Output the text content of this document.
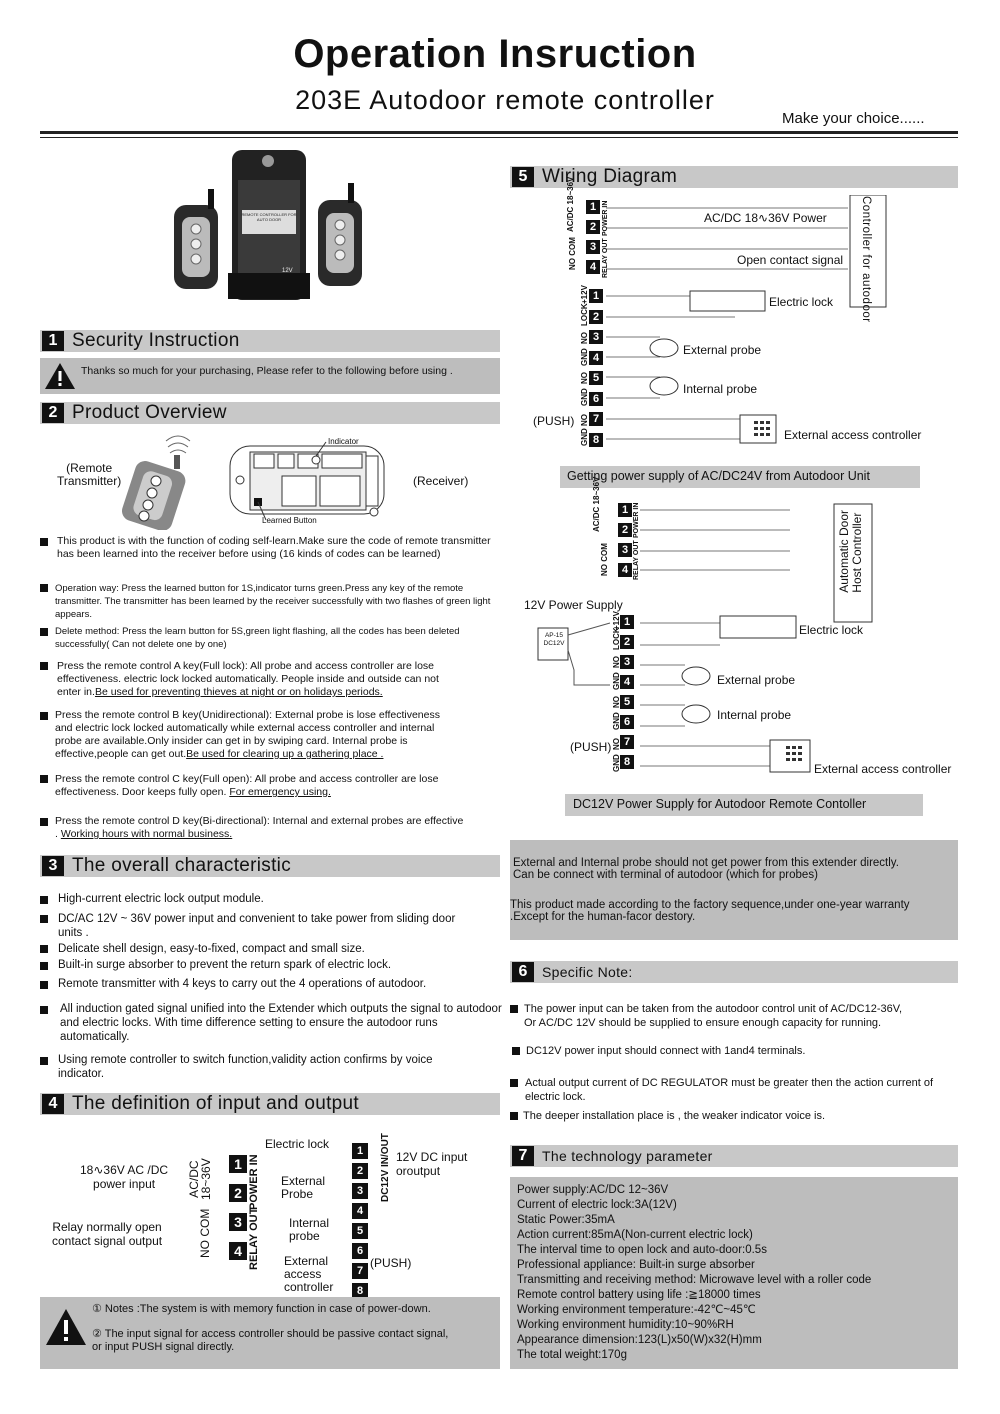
Operation Insruction
203E Autodoor remote controller
Make your choice......
REMOTE CONTROLLER FOR AUTO DOOR
12V
1 Security Instruction
Thanks so much for your purchasing, Please refer to the following before using .
2 Product Overview
(Remote
Transmitter)
Indicator
Learned Button
(Receiver)
This product is with the function of coding self-learn.Make sure the code of remote transmitter has been learned into the receiver before using (16 kinds of codes can be learned)
Operation way: Press the learned button for 1S,indicator turns green.Press any key of the remote transmitter. The transmitter has been learned by the receiver successfully with two flashes of green light appears.
Delete method: Press the learn button for 5S,green light flashing, all the codes has been deleted successfully( Can not delete one by one)
Press the remote control A key(Full lock): All probe and access controller are lose effectiveness. electric lock locked automatically. People inside and outside can not enter in.Be used for preventing thieves at night or on holidays periods.
Press the remote control B key(Unidirectional): External probe is lose effectiveness and electric lock locked automatically while external access controller and internal probe are available.Only insider can get in by swiping card. Internal probe is effective,people can get out.Be used for clearing up a gathering place .
Press the remote control C key(Full open): All probe and access controller are lose effectiveness. Door keeps fully open. For emergency using.
Press the remote control D key(Bi-directional): Internal and external probes are effective . Working hours with normal business.
3 The overall characteristic
High-current electric lock output module.
DC/AC 12V ~ 36V power input and convenient to take power from sliding door units .
Delicate shell design, easy-to-fixed, compact and small size.
Built-in surge absorber to prevent the return spark of electric lock.
Remote transmitter with 4 keys to carry out the 4 operations of autodoor.
All induction gated signal unified into the Extender which outputs the signal to autodoor and electric locks. With time difference setting to ensure the autodoor runs automatically.
Using remote controller to switch function,validity action confirms by voice indicator.
4 The definition of input and output
18∿36V AC /DC
power input
Relay normally open
contact signal output
AC/DC
18~36V
NO COM
POWER IN
RELAY OUT
1
2
3
4
1
2
3
4
5
6
7
8
DC12V IN/OUT
Electric lock
External
Probe
Internal
probe
External
access
controller
12V DC input
oroutput
(PUSH)
① Notes :The system is with memory function in case of power-down.
② The input signal for access controller should be passive contact signal,
or input PUSH signal directly.
5 Wiring Diagram
1
2
3
4
1
2
3
4
5
6
7
8
AC/DC 18~36V
NO COM
POWER IN
RELAY OUT
+12V
LOCK
NO
GND
NO
GND
NO
GND
AC/DC 18∿36V Power
Open contact signal Controller for autodoor
Electric lock
External probe
Internal probe
(PUSH)
External access controller
Getting power supply of AC/DC24V from Autodoor Unit
1
2
3
4
1
2
3
4
5
6
7
8
AC/DC 18~36V
NO COM
POWER IN
RELAY OUT
+12V
LOCK
NO
GND
NO
GND
NO
GND
Automatic Door
Host Controller
12V Power Supply
AP-15
DC12V
Electric lock
External probe
Internal probe
(PUSH)
External access controller
DC12V Power Supply for Autodoor Remote Contoller
External and Internal probe should not get power from this extender directly.
Can be connect with terminal of autodoor (which for probes)
This product made according to the factory sequence,under one-year warranty
.Except for the human-facor destory.
6	Specific Note:
The power input can be taken from the autodoor control unit of AC/DC12-36V,
Or AC/DC 12V should be supplied to ensure enough capacity for running.
DC12V power input should connect with 1and4 terminals.
Actual output current of DC REGULATOR must be greater then the action current of electric lock.
The deeper installation place is , the weaker indicator voice is.
7	The technology parameter
Power supply:AC/DC 12~36V
Current of electric lock:3A(12V)
Static Power:35mA
Action current:85mA(Non-current electric lock)
The interval time to open lock and auto-door:0.5s
Professional appliance: Built-in surge absorber
Transmitting and receiving method: Microwave level with a roller code
Remote control battery using life :≧18000 times
Working environment temperature:-42℃~45℃
Working environment humidity:10~90%RH
Appearance dimension:123(L)x50(W)x32(H)mm
The total weight:170g
